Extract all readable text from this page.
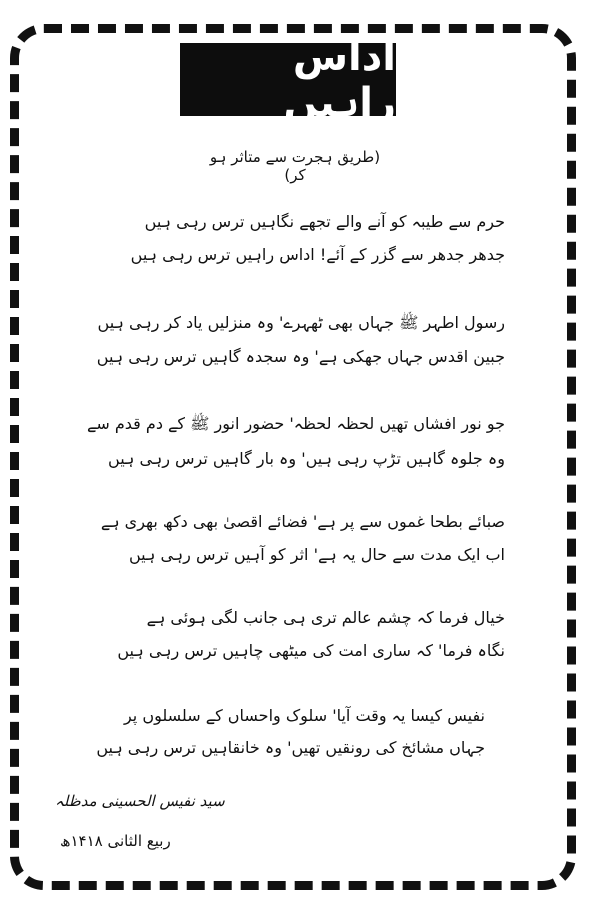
اداس راہیں
(طریق ہجرت سے متاثر ہو کر)
حرم سے طیبہ کو آنے والے تجھے نگاہیں ترس رہی ہیں
جدھر جدھر سے گزر کے آئے! اداس راہیں ترس رہی ہیں
رسول اطہر ﷺ جہاں بھی ٹھہرے' وہ منزلیں یاد کر رہی ہیں
جبین اقدس جہاں جھکی ہے' وہ سجدہ گاہیں ترس رہی ہیں
جو نور افشاں تھیں لحظہ لحظہ' حضور انور ﷺ کے دم قدم سے
وہ جلوہ گاہیں تڑپ رہی ہیں' وہ بار گاہیں ترس رہی ہیں
صبائے بطحا غموں سے پر ہے' فضائے اقصیٰ بھی دکھ بھری ہے
اب ایک مدت سے حال یہ ہے' اثر کو آہیں ترس رہی ہیں
خیال فرما کہ چشم عالم تری ہی جانب لگی ہوئی ہے
نگاہ فرما' کہ ساری امت کی میٹھی چاہیں ترس رہی ہیں
نفیس کیسا یہ وقت آیا' سلوک واحساں کے سلسلوں پر
جہاں مشائخ کی رونقیں تھیں' وہ خانقاہیں ترس رہی ہیں
سید نفیس الحسینی مدظلہ
ربیع الثانی ۱۴۱۸ھ
